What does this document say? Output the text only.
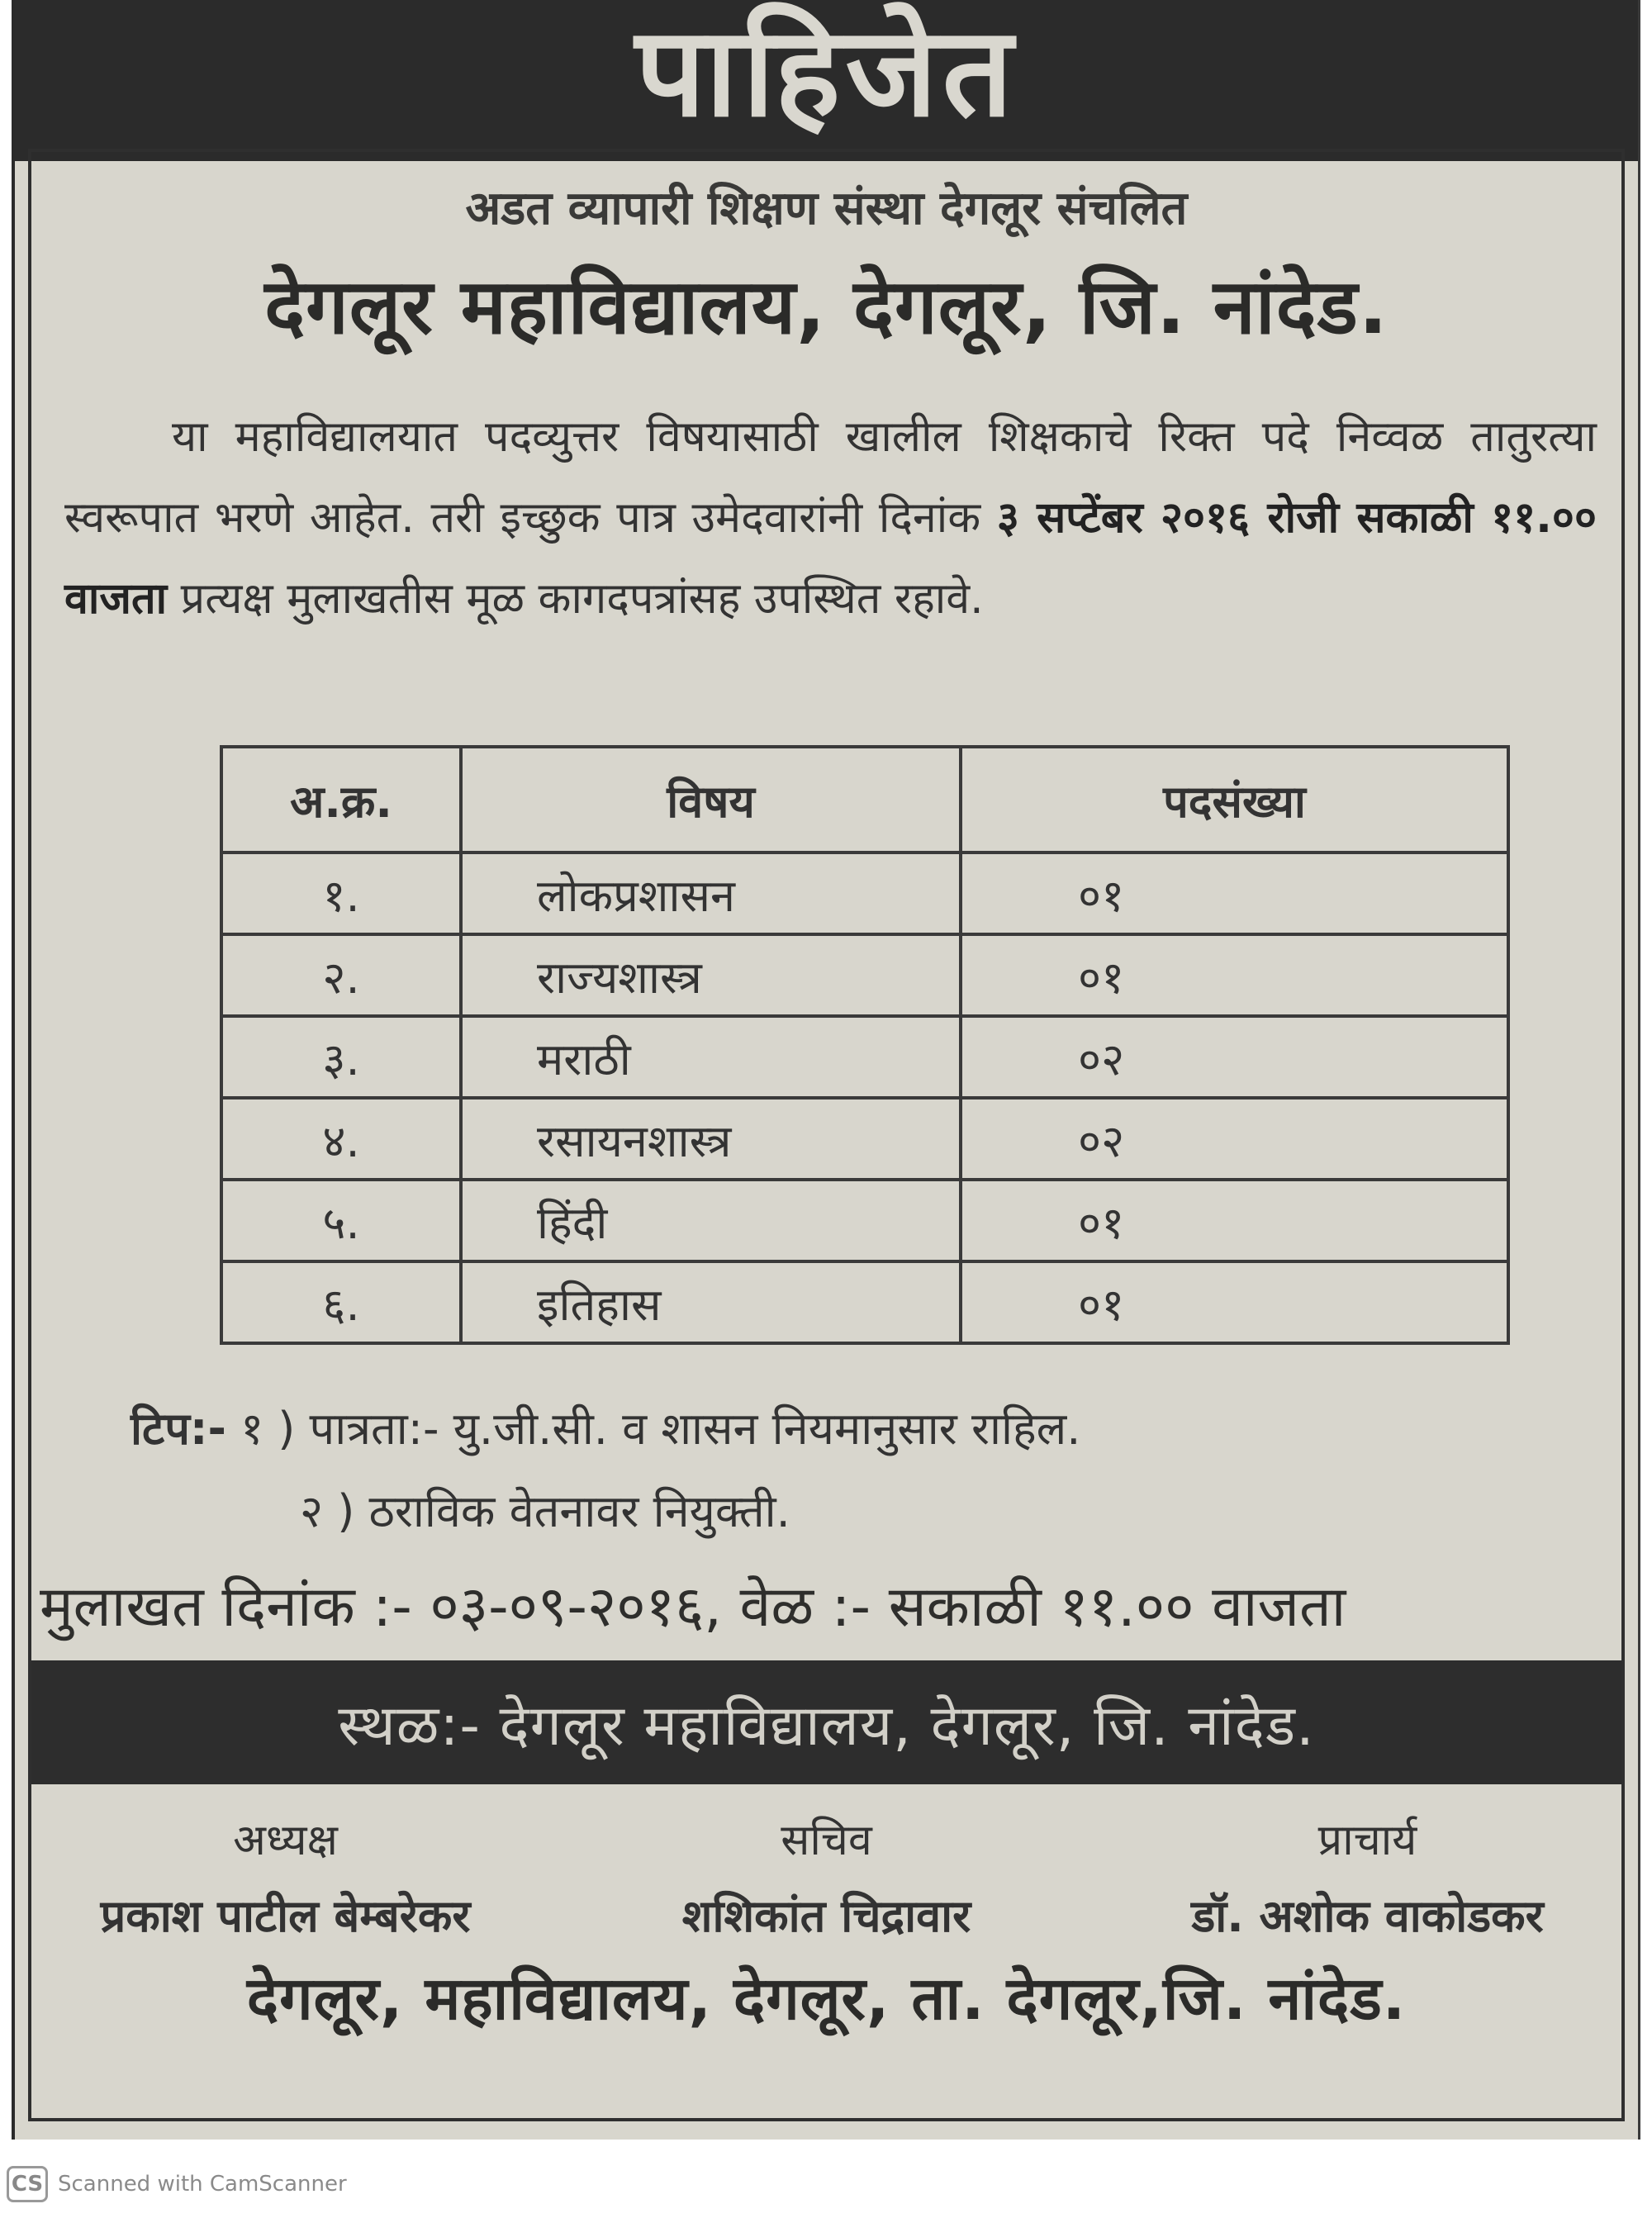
पाहिजेत
अडत व्यापारी शिक्षण संस्था देगलूर संचलित
देगलूर महाविद्यालय, देगलूर, जि. नांदेड.
या महाविद्यालयात पदव्युत्तर विषयासाठी खालील शिक्षकाचे रिक्त पदे निव्वळ तातुरत्या स्वरूपात भरणे आहेत. तरी इच्छुक पात्र उमेदवारांनी दिनांक ३ सप्टेंबर २०१६ रोजी सकाळी ११.०० वाजता प्रत्यक्ष मुलाखतीस मूळ कागदपत्रांसह उपस्थित रहावे.
अ.क्र.	विषय	पदसंख्या
१.	लोकप्रशासन	०१
२.	राज्यशास्त्र	०१
३.	मराठी	०२
४.	रसायनशास्त्र	०२
५.	हिंदी	०१
६.	इतिहास	०१
टिप:- १ ) पात्रता:- यु.जी.सी. व शासन नियमानुसार राहिल.
२ ) ठराविक वेतनावर नियुक्ती.
मुलाखत दिनांक :- ०३-०९-२०१६, वेळ :- सकाळी ११.०० वाजता
स्थळ:- देगलूर महाविद्यालय, देगलूर, जि. नांदेड.
अध्यक्ष	सचिव	प्राचार्य
प्रकाश पाटील बेम्बरेकर	शशिकांत चिद्रावार	डॉ. अशोक वाकोडकर
देगलूर, महाविद्यालय, देगलूर, ता. देगलूर,जि. नांदेड.
CS Scanned with CamScanner
